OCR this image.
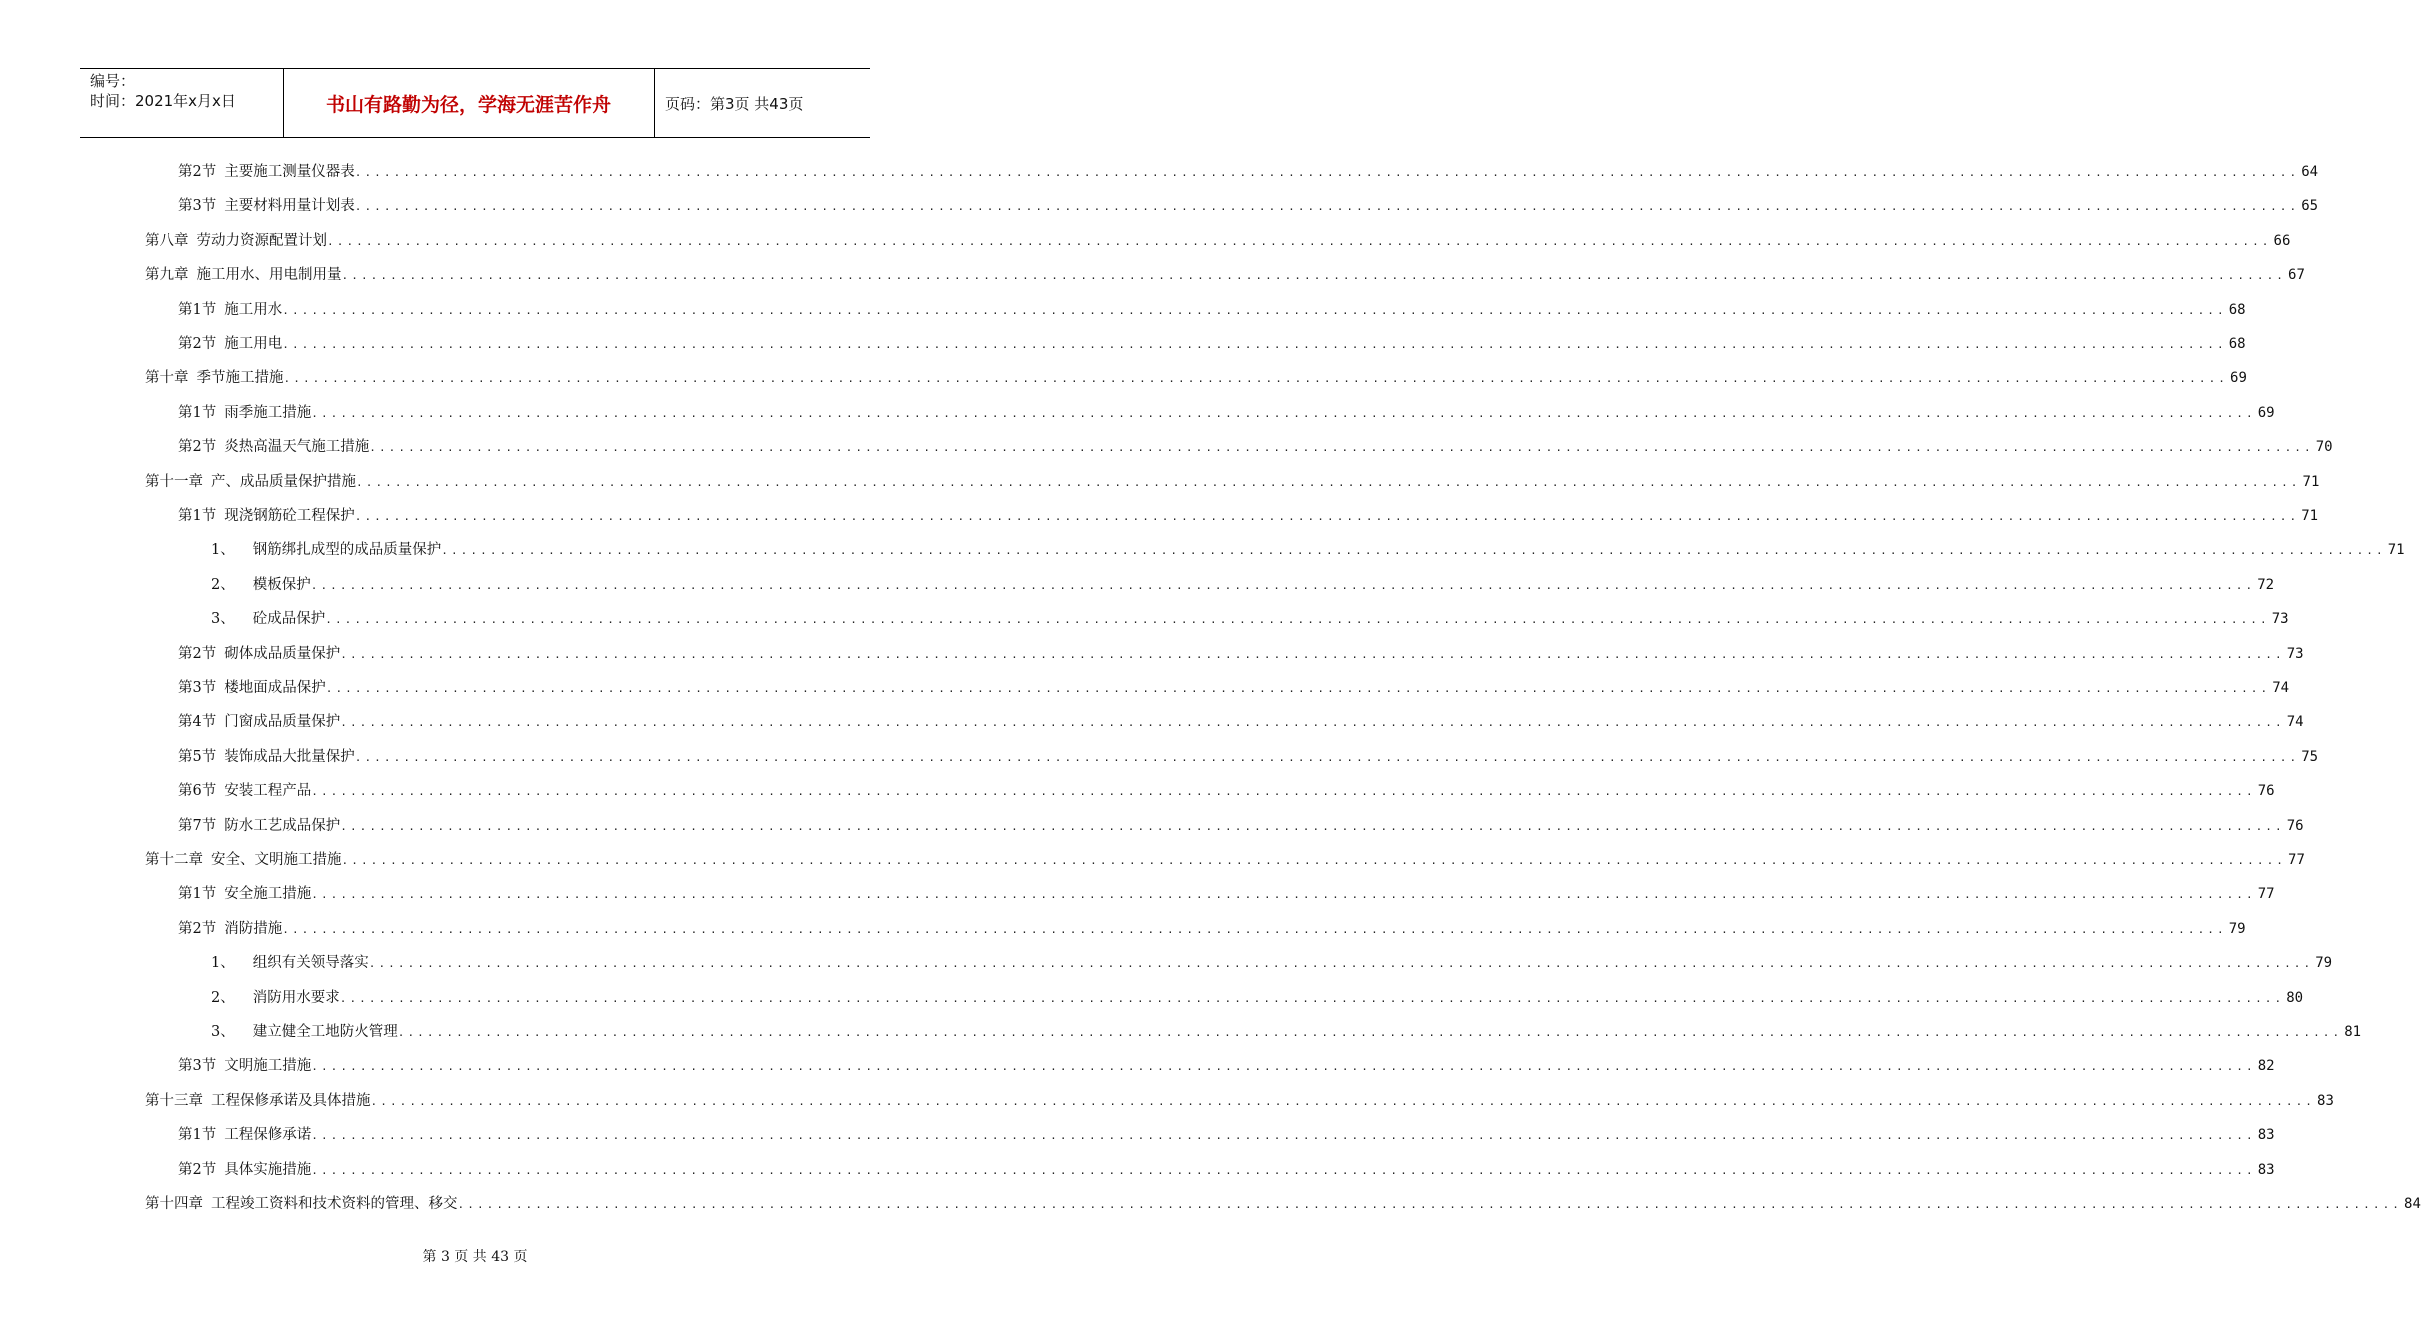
编号：
时间：2021年x月x日	书山有路勤为径，学海无涯苦作舟	页码：第3页 共43页
第2节 主要施工测量仪器表 ........................................................................................................................................................................................................ 64
第3节 主要材料用量计划表 ........................................................................................................................................................................................................ 65
第八章 劳动力资源配置计划 ........................................................................................................................................................................................................ 66
第九章 施工用水、用电制用量 ........................................................................................................................................................................................................ 67
第1节 施工用水 ........................................................................................................................................................................................................ 68
第2节 施工用电 ........................................................................................................................................................................................................ 68
第十章 季节施工措施 ........................................................................................................................................................................................................ 69
第1节 雨季施工措施 ........................................................................................................................................................................................................ 69
第2节 炎热高温天气施工措施 ........................................................................................................................................................................................................ 70
第十一章 产、成品质量保护措施 ........................................................................................................................................................................................................ 71
第1节 现浇钢筋砼工程保护 ........................................................................................................................................................................................................ 71
1、 钢筋绑扎成型的成品质量保护 ........................................................................................................................................................................................................ 71
2、 模板保护 ........................................................................................................................................................................................................ 72
3、 砼成品保护 ........................................................................................................................................................................................................ 73
第2节 砌体成品质量保护 ........................................................................................................................................................................................................ 73
第3节 楼地面成品保护 ........................................................................................................................................................................................................ 74
第4节 门窗成品质量保护 ........................................................................................................................................................................................................ 74
第5节 装饰成品大批量保护 ........................................................................................................................................................................................................ 75
第6节 安装工程产品 ........................................................................................................................................................................................................ 76
第7节 防水工艺成品保护 ........................................................................................................................................................................................................ 76
第十二章 安全、文明施工措施 ........................................................................................................................................................................................................ 77
第1节 安全施工措施 ........................................................................................................................................................................................................ 77
第2节 消防措施 ........................................................................................................................................................................................................ 79
1、 组织有关领导落实 ........................................................................................................................................................................................................ 79
2、 消防用水要求 ........................................................................................................................................................................................................ 80
3、 建立健全工地防火管理 ........................................................................................................................................................................................................ 81
第3节 文明施工措施 ........................................................................................................................................................................................................ 82
第十三章 工程保修承诺及具体措施 ........................................................................................................................................................................................................ 83
第1节 工程保修承诺 ........................................................................................................................................................................................................ 83
第2节 具体实施措施 ........................................................................................................................................................................................................ 83
第十四章 工程竣工资料和技术资料的管理、移交 ........................................................................................................................................................................................................ 84
第 3 页 共 43 页
